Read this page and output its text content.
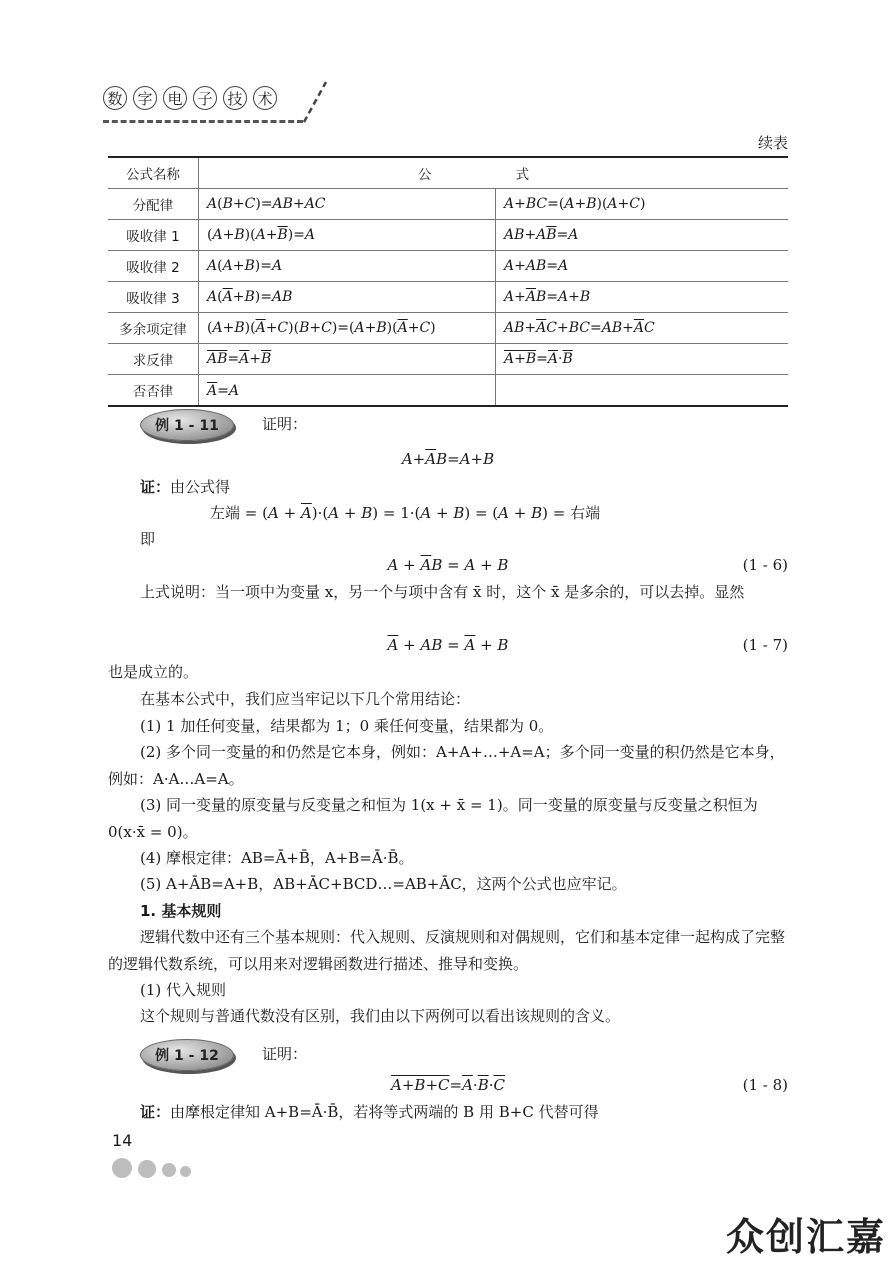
数 字 电 子 技 术
续表
公式名称	公 式	
分配律	A(B+C)=AB+AC	A+BC=(A+B)(A+C)
吸收律 1	$(A+B)(A+\overline{B})=A$	$AB+A\overline{B}=A$
吸收律 2	A(A+B)=A	A+AB=A
吸收律 3	$A(\overline{A}+B)=AB$	$A+\overline{A}B=A+B$
多余项定律	$(A+B)(\overline{A}+C)(B+C)=(A+B)(\overline{A}+C)$	$AB+\overline{A}C+BC=AB+\overline{A}C$
求反律	$\overline{AB}=\overline{A}+\overline{B}$	$A+B=\overline{A}\cdot\overline{B}$
否否律	$\overline{A}=A$	
例 1 - 11	证明：
$A+\overline{A}B=A+B$
证：由公式得
左端 = $(A + \overline{A})\cdot(A + B) = 1\cdot(A + B) = (A + B)$ = 右端
即
$A + \overline{A}B = A + B$	(1 - 6)
上式说明：当一项中为变量 x，另一个与项中含有 x̄ 时，这个 x̄ 是多余的，可以去掉。显然
$\overline{A}$ + AB = $\overline{A} + B$	(1 - 7)
也是成立的。
在基本公式中，我们应当牢记以下几个常用结论：
(1) 1 加任何变量，结果都为 1；0 乘任何变量，结果都为 0。
(2) 多个同一变量的和仍然是它本身，例如：A+A+…+A=A；多个同一变量的积仍然是它本身，例如：A·A…A=A。
(3) 同一变量的原变量与反变量之和恒为 1(x + x̄ = 1)。同一变量的原变量与反变量之积恒为 0(x·x̄ = 0)。
(4) 摩根定律：AB=Ā+B̄，A+B=Ā·B̄。
(5) A+ĀB=A+B，AB+ĀC+BCD…=AB+ĀC，这两个公式也应牢记。
1. 基本规则
逻辑代数中还有三个基本规则：代入规则、反演规则和对偶规则，它们和基本定律一起构成了完整的逻辑代数系统，可以用来对逻辑函数进行描述、推导和变换。
(1) 代入规则
这个规则与普通代数没有区别，我们由以下两例可以看出该规则的含义。
例 1 - 12	证明：
$A+B+C=\overline{A}\cdot\overline{B}\cdot\overline{C}$	(1 - 8)
证：由摩根定律知 A+B=Ā·B̄，若将等式两端的 B 用 B+C 代替可得
14
众创汇嘉
